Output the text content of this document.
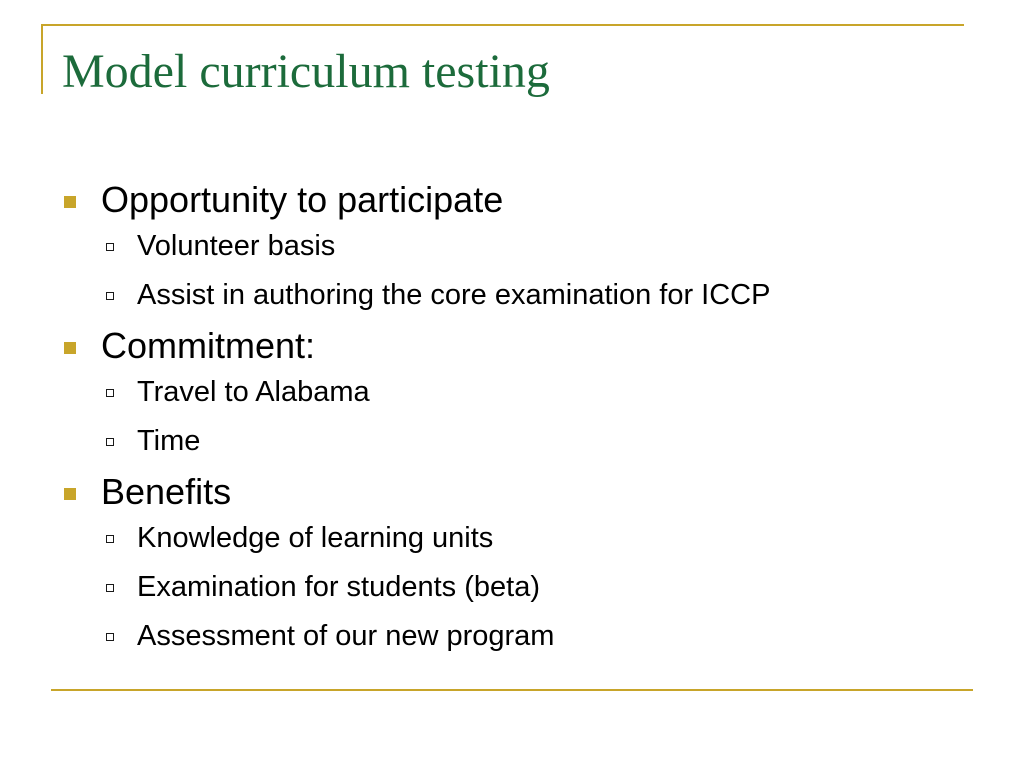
Model curriculum testing
Opportunity to participate
Volunteer basis
Assist in authoring the core examination for ICCP
Commitment:
Travel to Alabama
Time
Benefits
Knowledge of learning units
Examination for students (beta)
Assessment of our new program
